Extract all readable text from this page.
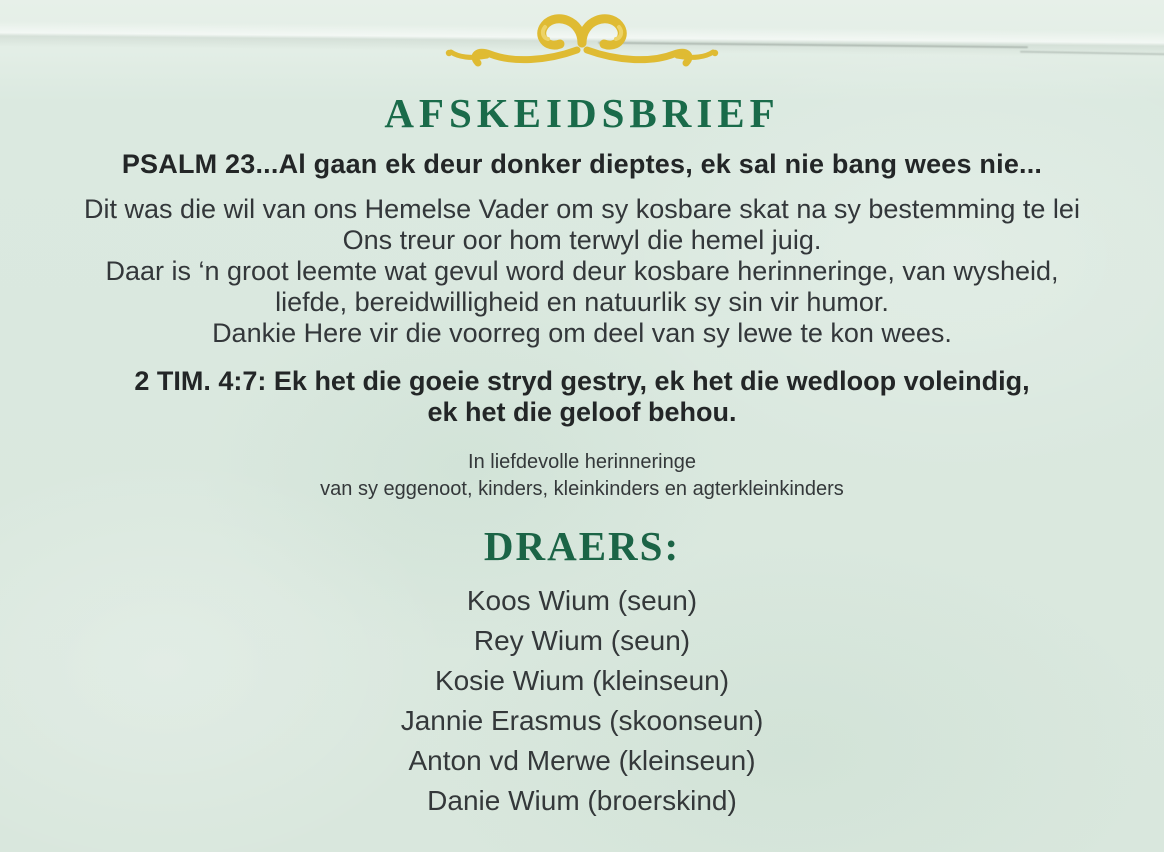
AFSKEIDSBRIEF
PSALM 23...Al gaan ek deur donker dieptes, ek sal nie bang wees nie...
Dit was die wil van ons Hemelse Vader om sy kosbare skat na sy bestemming te lei
Ons treur oor hom terwyl die hemel juig.
Daar is ‘n groot leemte wat gevul word deur kosbare herinneringe, van wysheid,
liefde, bereidwilligheid en natuurlik sy sin vir humor.
Dankie Here vir die voorreg om deel van sy lewe te kon wees.
2 TIM. 4:7: Ek het die goeie stryd gestry, ek het die wedloop voleindig,
ek het die geloof behou.
In liefdevolle herinneringe
van sy eggenoot, kinders, kleinkinders en agterkleinkinders
DRAERS:
Koos Wium (seun)
Rey Wium (seun)
Kosie Wium (kleinseun)
Jannie Erasmus (skoonseun)
Anton vd Merwe (kleinseun)
Danie Wium (broerskind)
